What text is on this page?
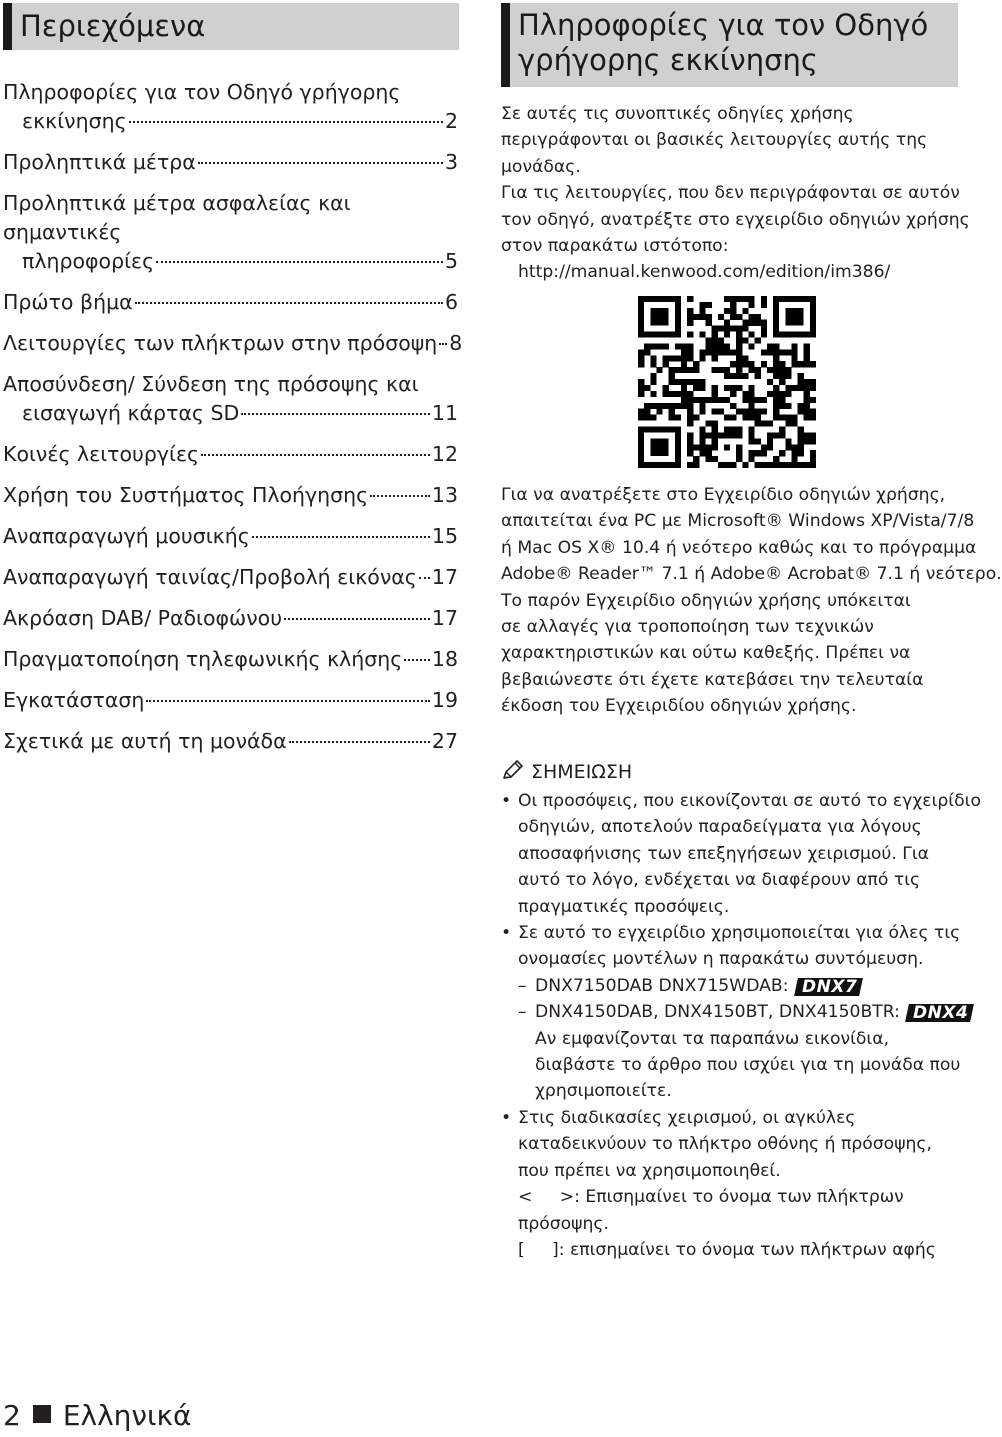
Περιεχόμενα
Πληροφορίες για τον Οδηγό γρήγορης
εκκίνησης	2
Προληπτικά μέτρα	3
Προληπτικά μέτρα ασφαλείας και σημαντικές
πληροφορίες	5
Πρώτο βήμα	6
Λειτουργίες των πλήκτρων στην πρόσοψη 8
Αποσύνδεση/ Σύνδεση της πρόσοψης και
εισαγωγή κάρτας SD	11
Κοινές λειτουργίες	12
Χρήση του Συστήματος Πλοήγησης	13
Αναπαραγωγή μουσικής	15
Αναπαραγωγή ταινίας/Προβολή εικόνας 17
Ακρόαση DAB/ Ραδιοφώνου	17
Πραγματοποίηση τηλεφωνικής κλήσης 18
Εγκατάσταση	19
Σχετικά με αυτή τη μονάδα	27
Πληροφορίες για τον Οδηγό
γρήγορης εκκίνησης

Σε αυτές τις συνοπτικές οδηγίες χρήσης

περιγράφονται οι βασικές λειτουργίες αυτής της

μονάδας.

Για τις λειτουργίες, που δεν περιγράφονται σε αυτόν

τον οδηγό, ανατρέξτε στο εγχειρίδιο οδηγιών χρήσης

στον παρακάτω ιστότοπο:

http://manual.kenwood.com/edition/im386/

Για να ανατρέξετε στο Εγχειρίδιο οδηγιών χρήσης,

απαιτείται ένα PC με Microsoft® Windows XP/Vista/7/8

ή Mac OS X® 10.4 ή νεότερο καθώς και το πρόγραμμα

Adobe® Reader™ 7.1 ή Adobe® Acrobat® 7.1 ή νεότερο.

Το παρόν Εγχειρίδιο οδηγιών χρήσης υπόκειται

σε αλλαγές για τροποποίηση των τεχνικών

χαρακτηριστικών και ούτω καθεξής. Πρέπει να

βεβαιώνεστε ότι έχετε κατεβάσει την τελευταία

έκδοση του Εγχειριδίου οδηγιών χρήσης.

ΣΗΜΕΙΩΣΗ

• Οι προσόψεις, που εικονίζονται σε αυτό το εγχειρίδιο

οδηγιών, αποτελούν παραδείγματα για λόγους

αποσαφήνισης των επεξηγήσεων χειρισμού. Για

αυτό το λόγο, ενδέχεται να διαφέρουν από τις

πραγματικές προσόψεις.

• Σε αυτό το εγχειρίδιο χρησιμοποιείται για όλες τις

ονομασίες μοντέλων η παρακάτω συντόμευση.

– DNX7150DAB DNX715WDAB: DNX7

– DNX4150DAB, DNX4150BT, DNX4150BTR: DNX4

Αν εμφανίζονται τα παραπάνω εικονίδια,

διαβάστε το άρθρο που ισχύει για τη μονάδα που

χρησιμοποιείτε.

• Στις διαδικασίες χειρισμού, οι αγκύλες

καταδεικνύουν το πλήκτρο οθόνης ή πρόσοψης,

που πρέπει να χρησιμοποιηθεί.

<     >: Επισημαίνει το όνομα των πλήκτρων

πρόσοψης.

[     ]: επισημαίνει το όνομα των πλήκτρων αφής

2 Ελληνικά
